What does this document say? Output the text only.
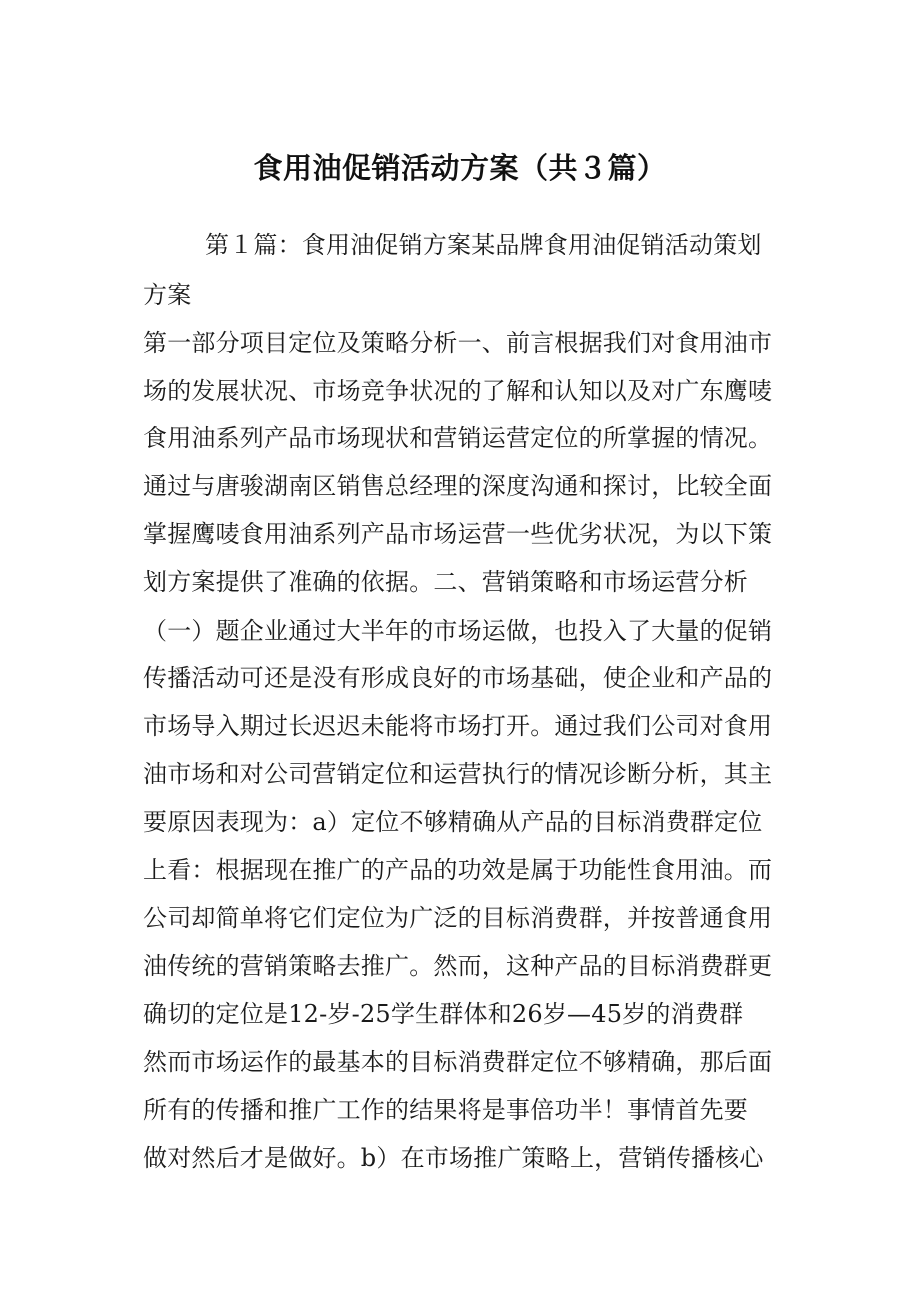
食用油促销活动方案（共３篇）
第１篇：食用油促销方案某品牌食用油促销活动策划
方案
第一部分项目定位及策略分析一、前言根据我们对食用油市
场的发展状况、市场竞争状况的了解和认知以及对广东鹰唛
食用油系列产品市场现状和营销运营定位的所掌握的情况。
通过与唐骏湖南区销售总经理的深度沟通和探讨，比较全面
掌握鹰唛食用油系列产品市场运营一些优劣状况，为以下策
划方案提供了准确的依据。二、营销策略和市场运营分析
（一）题企业通过大半年的市场运做，也投入了大量的促销
传播活动可还是没有形成良好的市场基础，使企业和产品的
市场导入期过长迟迟未能将市场打开。通过我们公司对食用
油市场和对公司营销定位和运营执行的情况诊断分析，其主
要原因表现为：a）定位不够精确从产品的目标消费群定位
上看：根据现在推广的产品的功效是属于功能性食用油。而
公司却简单将它们定位为广泛的目标消费群，并按普通食用
油传统的营销策略去推广。然而，这种产品的目标消费群更
确切的定位是12-岁-25学生群体和26岁—45岁的消费群
然而市场运作的最基本的目标消费群定位不够精确，那后面
所有的传播和推广工作的结果将是事倍功半！事情首先要
做对然后才是做好。b）在市场推广策略上，营销传播核心
